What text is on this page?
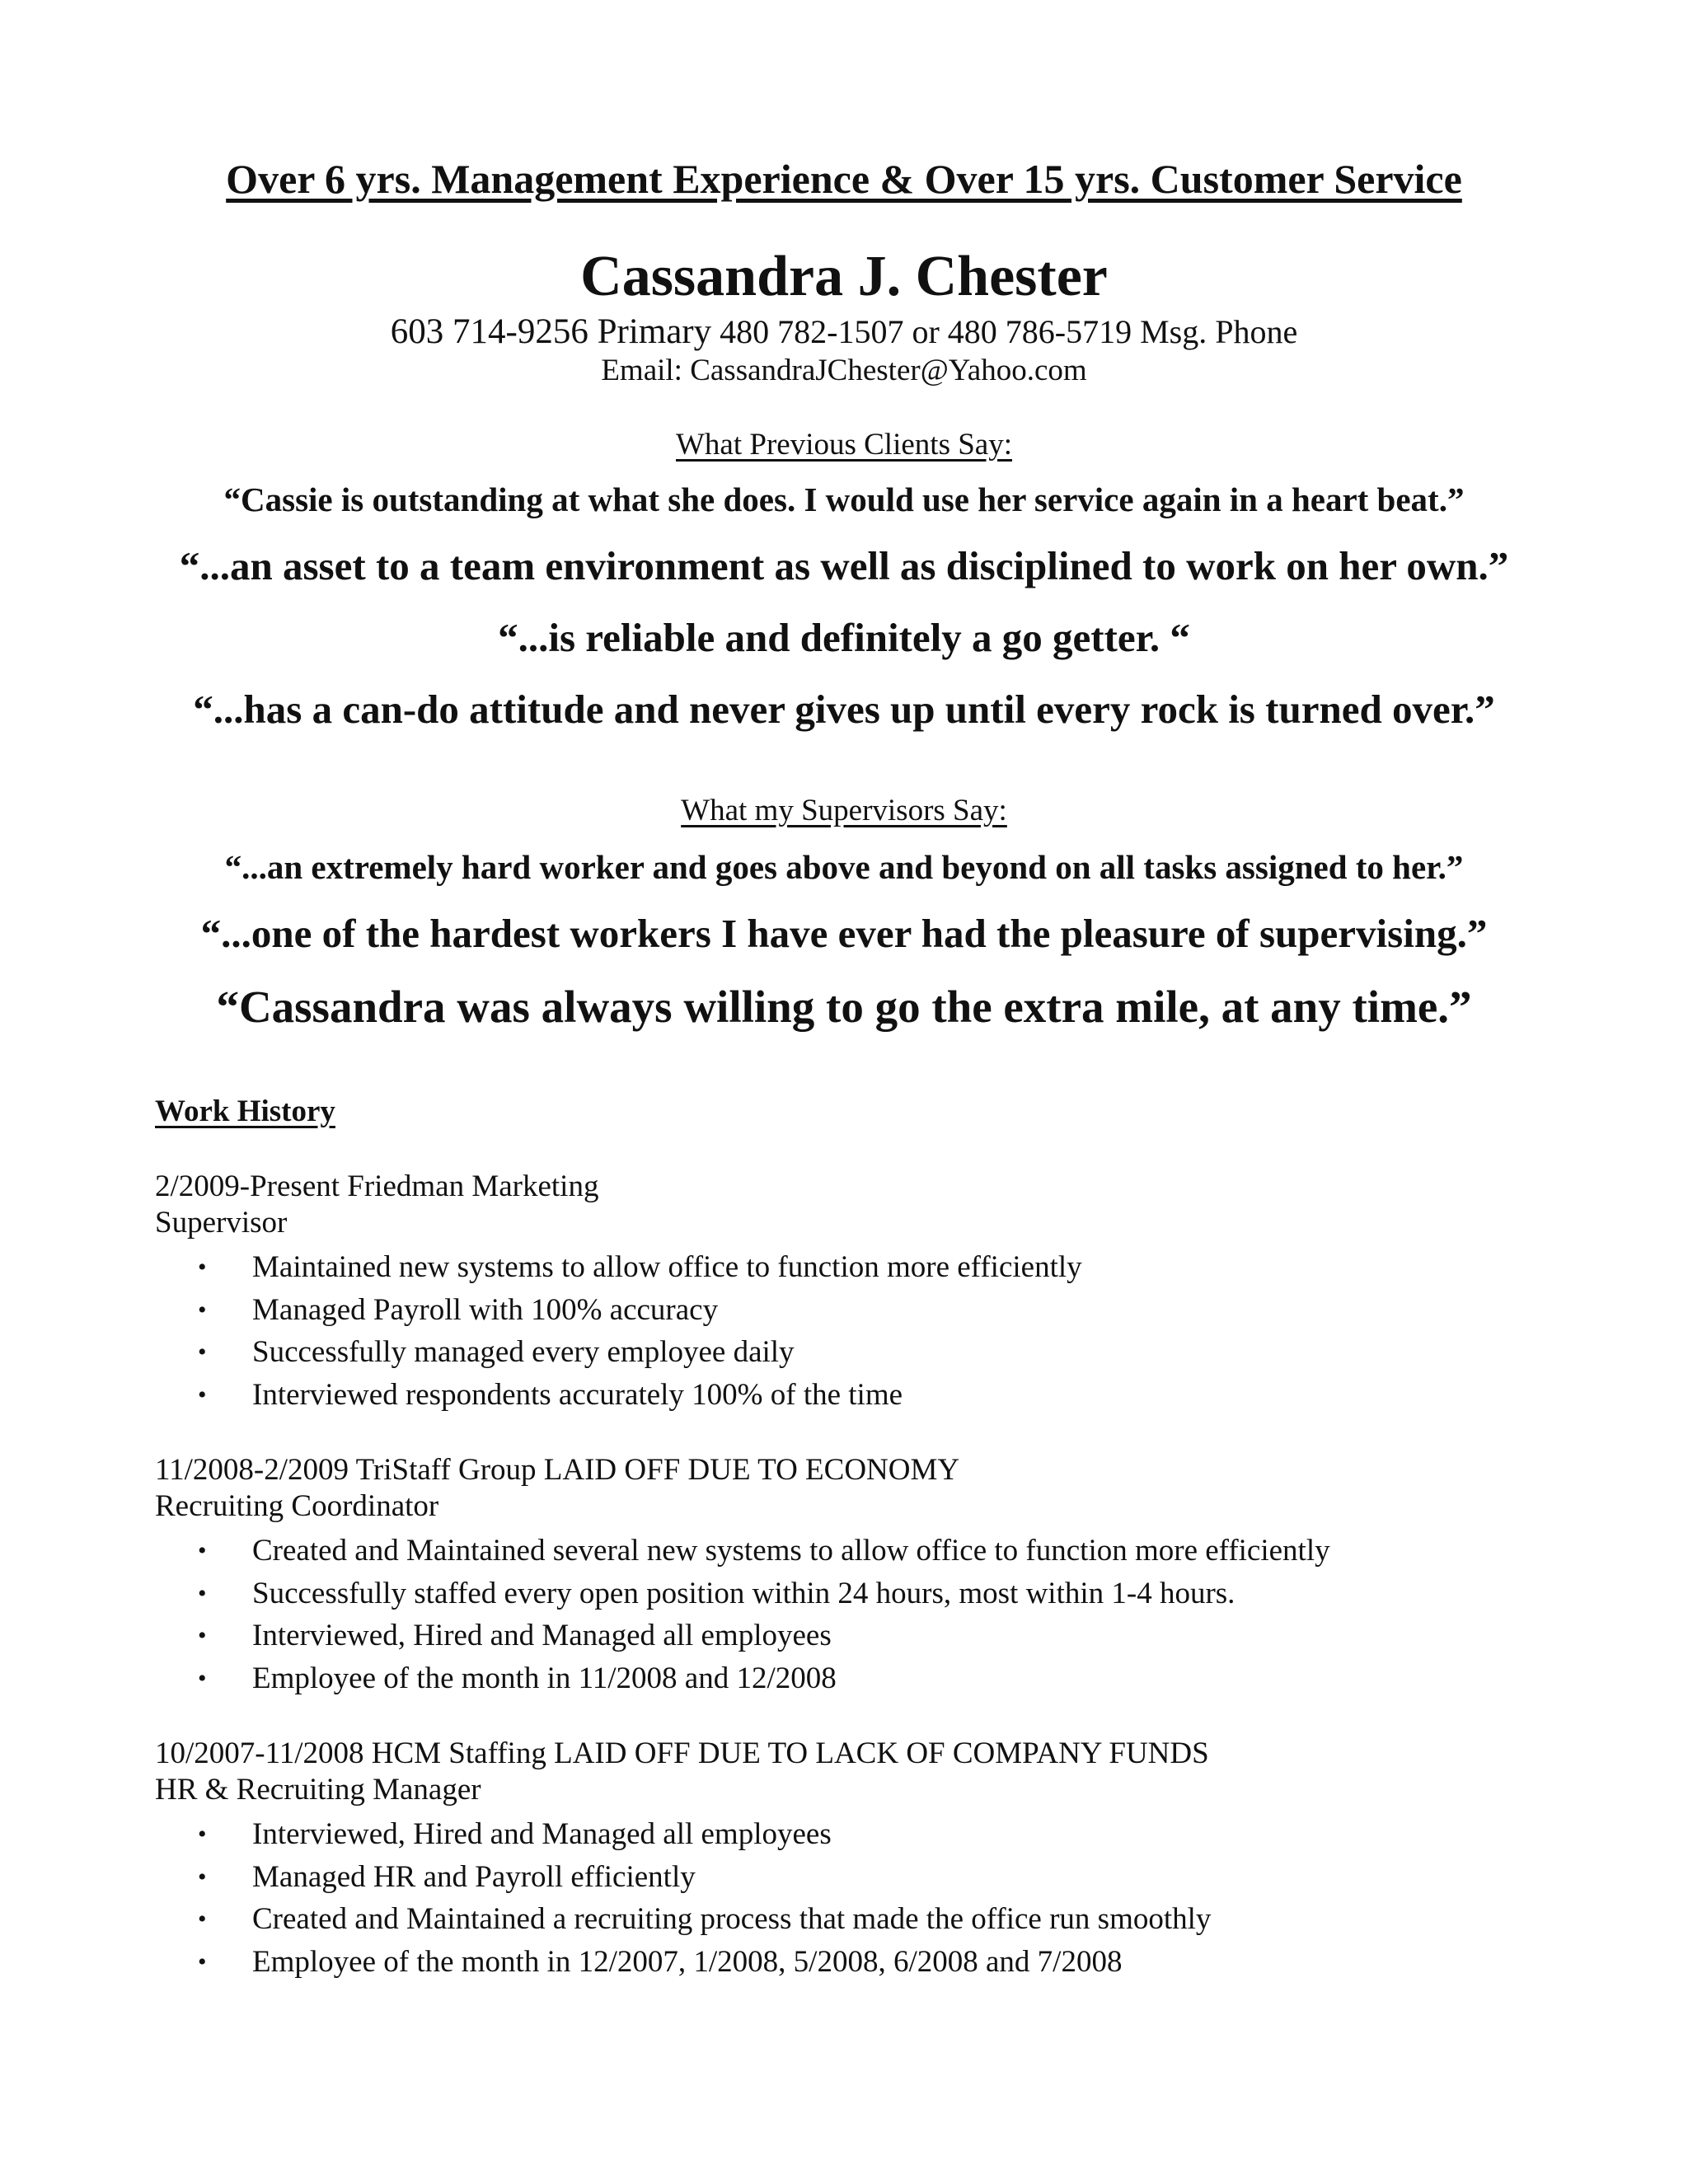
Over 6 yrs. Management Experience & Over 15 yrs. Customer Service
Cassandra J. Chester
603 714-9256 Primary 480 782-1507 or 480 786-5719 Msg. Phone
Email: CassandraJChester@Yahoo.com
What Previous Clients Say:
“Cassie is outstanding at what she does. I would use her service again in a heart beat.”
“...an asset to a team environment as well as disciplined to work on her own.”
“...is reliable and definitely a go getter. “
“...has a can-do attitude and never gives up until every rock is turned over.”
What my Supervisors Say:
“...an extremely hard worker and goes above and beyond on all tasks assigned to her.”
“...one of the hardest workers I have ever had the pleasure of supervising.”
“Cassandra was always willing to go the extra mile, at any time.”
Work History
2/2009-Present Friedman Marketing
Supervisor
• Maintained new systems to allow office to function more efficiently
• Managed Payroll with 100% accuracy
• Successfully managed every employee daily
• Interviewed respondents accurately 100% of the time
11/2008-2/2009 TriStaff Group LAID OFF DUE TO ECONOMY
Recruiting Coordinator
• Created and Maintained several new systems to allow office to function more efficiently
• Successfully staffed every open position within 24 hours, most within 1-4 hours.
• Interviewed, Hired and Managed all employees
• Employee of the month in 11/2008 and 12/2008
10/2007-11/2008 HCM Staffing LAID OFF DUE TO LACK OF COMPANY FUNDS
HR & Recruiting Manager
• Interviewed, Hired and Managed all employees
• Managed HR and Payroll efficiently
• Created and Maintained a recruiting process that made the office run smoothly
• Employee of the month in 12/2007, 1/2008, 5/2008, 6/2008 and 7/2008
